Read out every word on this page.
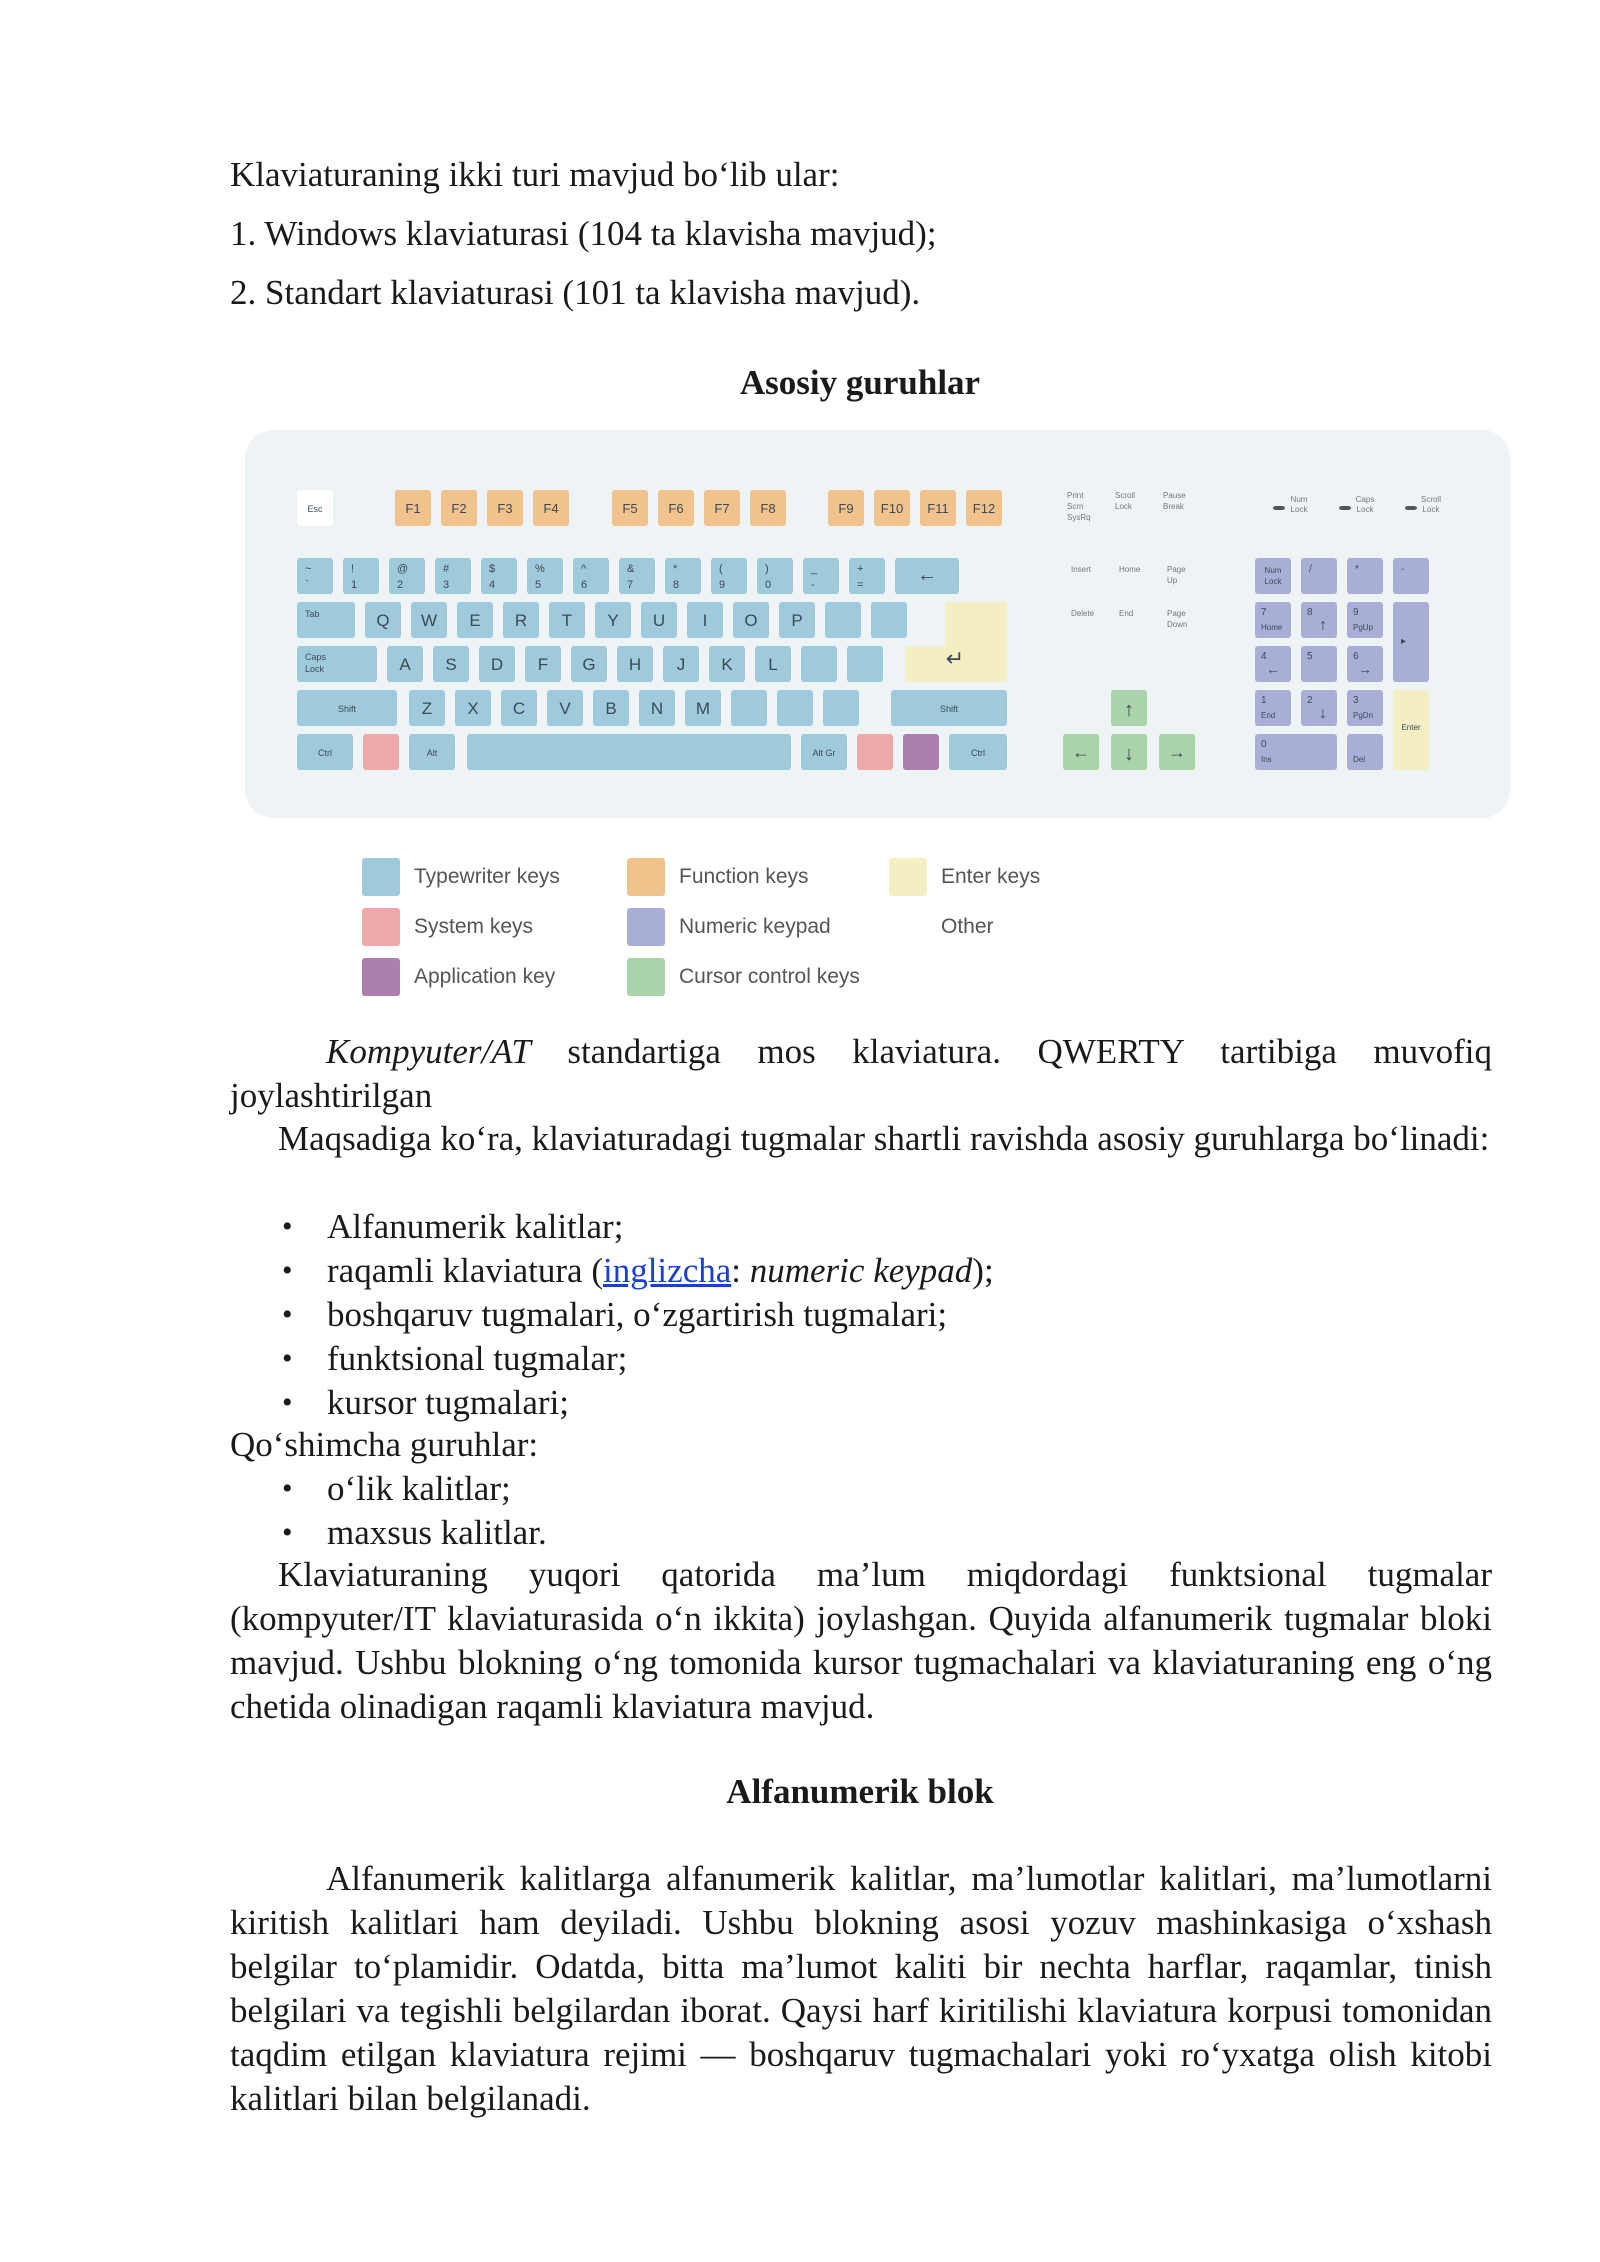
Klaviaturaning ikki turi mavjud bo‘lib ular:
1. Windows klaviaturasi (104 ta klavisha mavjud);
2. Standart klaviaturasi (101 ta klavisha mavjud).
Asosiy guruhlar
Esc	F1 F2 F3 F4	F5 F6 F7 F8	F9 F10 F11 F12
Print
Scrn
SysRq
Scroll
Lock
Pause
Break
Num
Lock
Caps
Lock
Scroll
Lock
~
`
!
1
@
2
#
3
$
4
%
5
^
6
&
7
*
8
(
9
)
0
_
-
+
=	←
Tab	Q W E R T Y U I O P
↵
Caps
Lock	A S D F G H J K L
Shift	Z X C V B N M	Shift
Ctrl	Alt	Alt Gr	Ctrl
Insert	Home	Page
Up
Delete	End	Page
Down
↑
← ↓ →
Num
Lock
/	*	-
7
Home
8
↑
9
PgUp
▸
4
←
5	6
→
1
End
2
↓
3
PgDn
Enter
0
Ins	Del
Typewriter keys	Function keys	Enter keys
System keys	Numeric keypad	Other
Application key	Cursor control keys
Kompyuter/AT standartiga mos klaviatura. QWERTY tartibiga muvofiq joylashtirilgan
Maqsadiga ko‘ra, klaviaturadagi tugmalar shartli ravishda asosiy guruhlarga bo‘linadi:
• Alfanumerik kalitlar;
• raqamli klaviatura (inglizcha: numeric keypad);
• boshqaruv tugmalari, o‘zgartirish tugmalari;
• funktsional tugmalar;
• kursor tugmalari;
Qo‘shimcha guruhlar:
• o‘lik kalitlar;
• maxsus kalitlar.
Klaviaturaning yuqori qatorida ma’lum miqdordagi funktsional tugmalar (kompyuter/IT klaviaturasida o‘n ikkita) joylashgan. Quyida alfanumerik tugmalar bloki mavjud. Ushbu blokning o‘ng tomonida kursor tugmachalari va klaviaturaning eng o‘ng chetida olinadigan raqamli klaviatura mavjud.
Alfanumerik blok
Alfanumerik kalitlarga alfanumerik kalitlar, ma’lumotlar kalitlari, ma’lumotlarni kiritish kalitlari ham deyiladi. Ushbu blokning asosi yozuv mashinkasiga o‘xshash belgilar to‘plamidir. Odatda, bitta ma’lumot kaliti bir nechta harflar, raqamlar, tinish belgilari va tegishli belgilardan iborat. Qaysi harf kiritilishi klaviatura korpusi tomonidan taqdim etilgan klaviatura rejimi — boshqaruv tugmachalari yoki ro‘yxatga olish kitobi kalitlari bilan belgilanadi.
